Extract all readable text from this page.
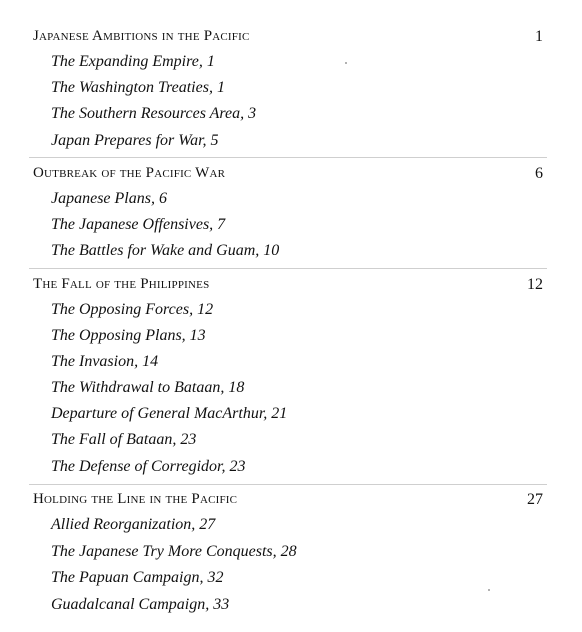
Japanese Ambitions in the Pacific	1
The Expanding Empire, 1
The Washington Treaties, 1
The Southern Resources Area, 3
Japan Prepares for War, 5
Outbreak of the Pacific War	6
Japanese Plans, 6
The Japanese Offensives, 7
The Battles for Wake and Guam, 10
The Fall of the Philippines	12
The Opposing Forces, 12
The Opposing Plans, 13
The Invasion, 14
The Withdrawal to Bataan, 18
Departure of General MacArthur, 21
The Fall of Bataan, 23
The Defense of Corregidor, 23
Holding the Line in the Pacific	27
Allied Reorganization, 27
The Japanese Try More Conquests, 28
The Papuan Campaign, 32
Guadalcanal Campaign, 33
